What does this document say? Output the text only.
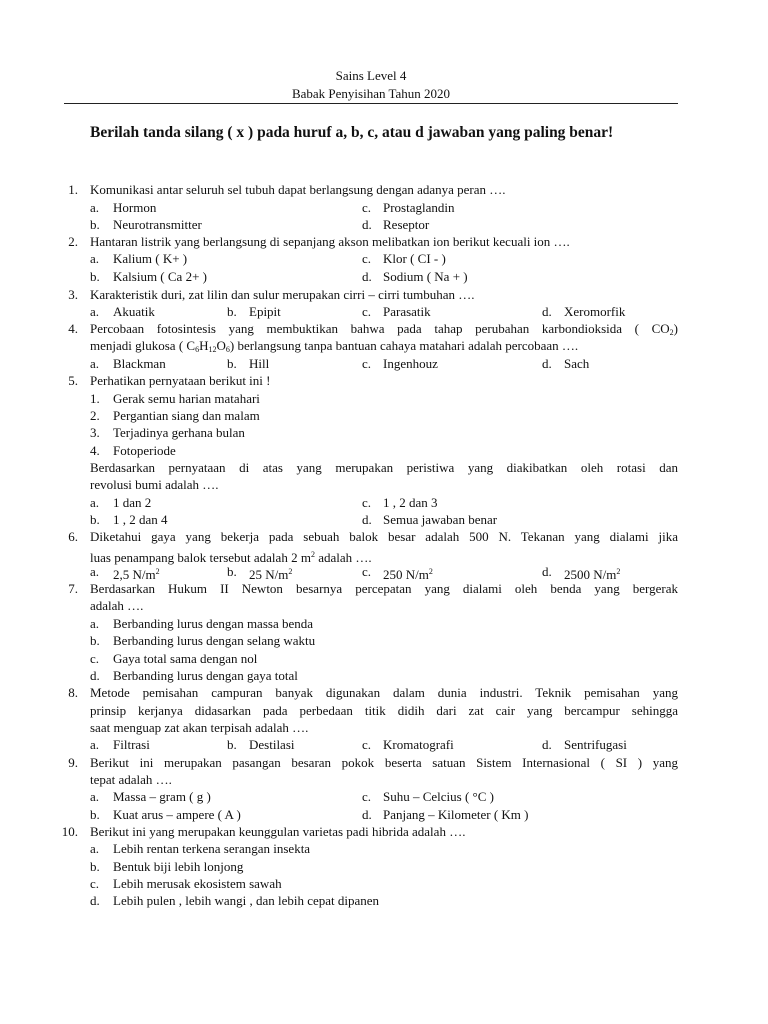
Sains Level 4
Babak Penyisihan Tahun 2020
Berilah tanda silang ( x ) pada huruf a, b, c, atau d jawaban yang paling benar!
1. Komunikasi antar seluruh sel tubuh dapat berlangsung dengan adanya peran ….
a. Hormon	c. Prostaglandin
b. Neurotransmitter	d. Reseptor
2. Hantaran listrik yang berlangsung di sepanjang akson melibatkan ion berikut kecuali ion ….
a. Kalium ( K+ )	c. Klor ( CI - )
b. Kalsium ( Ca 2+ )	d. Sodium ( Na + )
3. Karakteristik duri, zat lilin dan sulur merupakan cirri – cirri tumbuhan ….
a. Akuatik	b. Epipit	c. Parasatik	d. Xeromorfik
4. Percobaan fotosintesis yang membuktikan bahwa pada tahap perubahan karbondioksida ( $CO_2$)
menjadi glukosa ( $C_6H_{12}O_6$) berlangsung tanpa bantuan cahaya matahari adalah percobaan ….
a. Blackman	b. Hill	c. Ingenhouz	d. Sach
5. Perhatikan pernyataan berikut ini !
1. Gerak semu harian matahari
2. Pergantian siang dan malam
3. Terjadinya gerhana bulan
4. Fotoperiode
Berdasarkan pernyataan di atas yang merupakan peristiwa yang diakibatkan oleh rotasi dan
revolusi bumi adalah ….
a. 1 dan 2	c. 1 , 2 dan 3
b. 1 , 2 dan 4	d. Semua jawaban benar
6. Diketahui gaya yang bekerja pada sebuah balok besar adalah 500 N. Tekanan yang dialami jika
luas penampang balok tersebut adalah 2 $m^2$ adalah ….
a. 2,5 $N/m^2$	b. 25 $N/m^2$	c. 250 $N/m^2$	d. 2500 $N/m^2$
7. Berdasarkan Hukum II Newton besarnya percepatan yang dialami oleh benda yang bergerak
adalah ….
a. Berbanding lurus dengan massa benda
b. Berbanding lurus dengan selang waktu
c. Gaya total sama dengan nol
d. Berbanding lurus dengan gaya total
8. Metode pemisahan campuran banyak digunakan dalam dunia industri. Teknik pemisahan yang
prinsip kerjanya didasarkan pada perbedaan titik didih dari zat cair yang bercampur sehingga
saat menguap zat akan terpisah adalah ….
a. Filtrasi	b. Destilasi	c. Kromatografi	d. Sentrifugasi
9. Berikut ini merupakan pasangan besaran pokok beserta satuan Sistem Internasional ( SI ) yang
tepat adalah ….
a. Massa – gram ( g )	c. Suhu – Celcius ( °C )
b. Kuat arus – ampere ( A )	d. Panjang – Kilometer ( Km )
10. Berikut ini yang merupakan keunggulan varietas padi hibrida adalah ….
a. Lebih rentan terkena serangan insekta
b. Bentuk biji lebih lonjong
c. Lebih merusak ekosistem sawah
d. Lebih pulen , lebih wangi , dan lebih cepat dipanen
